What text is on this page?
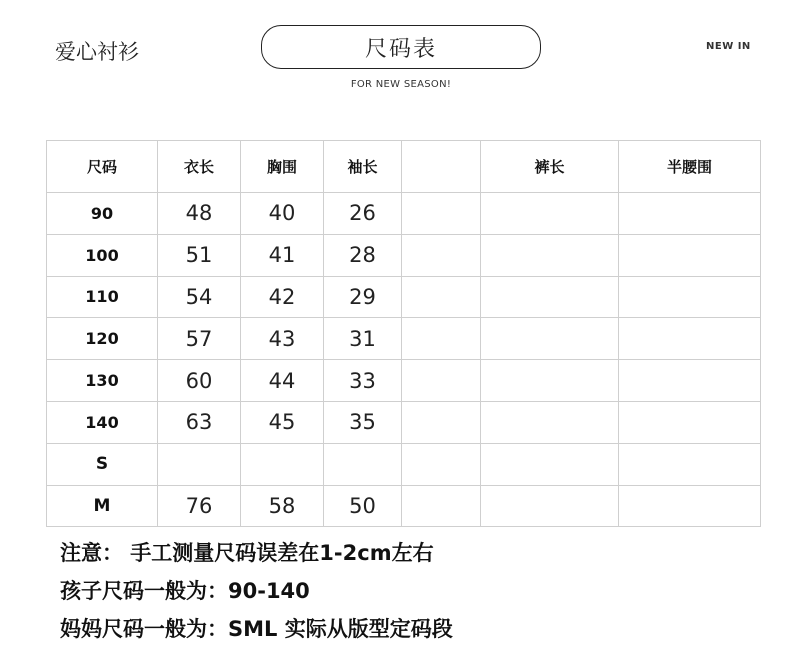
爱心衬衫	尺码表
FOR NEW SEASON!
NEW IN
尺码	衣长	胸围	袖长		裤长	半腰围
90	48	40	26			
100	51	41	28			
110	54	42	29			
120	57	43	31			
130	60	44	33			
140	63	45	35			
S						
M	76	58	50			
注意： 手工测量尺码误差在1-2cm左右
孩子尺码一般为：90-140
妈妈尺码一般为：SML 实际从版型定码段
